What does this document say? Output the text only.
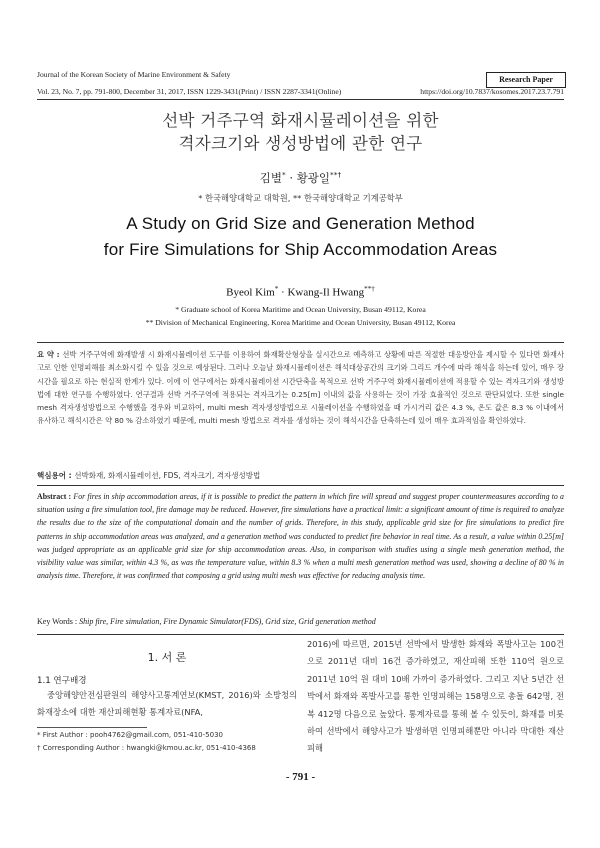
Journal of the Korean Society of Marine Environment & Safety
Research Paper
Vol. 23, No. 7, pp. 791-800, December 31, 2017, ISSN 1229-3431(Print) / ISSN 2287-3341(Online)	https://doi.org/10.7837/kosomes.2017.23.7.791
선박 거주구역 화재시뮬레이션을 위한
격자크기와 생성방법에 관한 연구
김별* · 황광일**†
* 한국해양대학교 대학원, ** 한국해양대학교 기계공학부
A Study on Grid Size and Generation Method
for Fire Simulations for Ship Accommodation Areas
Byeol Kim* · Kwang-Il Hwang**†
* Graduate school of Korea Maritime and Ocean University, Busan 49112, Korea
** Division of Mechanical Engineering, Korea Maritime and Ocean University, Busan 49112, Korea
요 약 : 선박 거주구역에 화재발생 시 화재시뮬레이션 도구를 이용하여 화재확산형상을 실시간으로 예측하고 상황에 따른 적절한 대응방안을 제시할 수 있다면 화재사고로 인한 인명피해를 최소화시킬 수 있을 것으로 예상된다. 그러나 오늘날 화재시뮬레이션은 해석대상공간의 크기와 그리드 개수에 따라 해석을 하는데 있어, 매우 장시간을 필요로 하는 현실적 한계가 있다. 이에 이 연구에서는 화재시뮬레이션 시간단축을 목적으로 선박 거주구역 화재시뮬레이션에 적용할 수 있는 격자크기와 생성방법에 대한 연구를 수행하였다. 연구결과 선박 거주구역에 적용되는 격자크기는 0.25[m] 이내의 값을 사용하는 것이 가장 효율적인 것으로 판단되었다. 또한 single mesh 격자생성방법으로 수행했을 경우와 비교하여, multi mesh 격자생성방법으로 시뮬레이션을 수행하였을 때 가시거리 값은 4.3 %, 온도 값은 8.3 % 이내에서 유사하고 해석시간은 약 80 % 감소하였기 때문에, multi mesh 방법으로 격자를 생성하는 것이 해석시간을 단축하는데 있어 매우 효과적임을 확인하였다.
핵심용어 : 선박화재, 화재시뮬레이션, FDS, 격자크기, 격자생성방법
Abstract : For fires in ship accommodation areas, if it is possible to predict the pattern in which fire will spread and suggest proper countermeasures according to a situation using a fire simulation tool, fire damage may be reduced. However, fire simulations have a practical limit: a significant amount of time is required to analyze the results due to the size of the computational domain and the number of grids. Therefore, in this study, applicable grid size for fire simulations to predict fire patterns in ship accommodation areas was analyzed, and a generation method was conducted to predict fire behavior in real time. As a result, a value within 0.25[m] was judged appropriate as an applicable grid size for ship accommodation areas. Also, in comparison with studies using a single mesh generation method, the visibility value was similar, within 4.3 %, as was the temperature value, within 8.3 % when a multi mesh generation method was used, showing a decline of 80 % in analysis time. Therefore, it was confirmed that composing a grid using multi mesh was effective for reducing analysis time.
Key Words : Ship fire, Fire simulation, Fire Dynamic Simulator(FDS), Grid size, Grid generation method
1. 서 론
1.1 연구배경
중앙해양안전심판원의 해양사고통계연보(KMST, 2016)와 소방청의 화재장소에 대한 재산피해현황 통계자료(NFA,
2016)에 따르면, 2015년 선박에서 발생한 화재와 폭발사고는 100건으로 2011년 대비 16건 증가하였고, 재산피해 또한 110억 원으로 2011년 10억 원 대비 10배 가까이 증가하였다. 그리고 지난 5년간 선박에서 화재와 폭발사고를 통한 인명피해는 158명으로 총돌 642명, 전복 412명 다음으로 높았다. 통계자료를 통해 볼 수 있듯이, 화재를 비롯하여 선박에서 해양사고가 발생하면 인명피해뿐만 아니라 막대한 재산피해
* First Author : pooh4762@gmail.com, 051-410-5030
† Corresponding Author : hwangki@kmou.ac.kr, 051-410-4368
- 791 -
